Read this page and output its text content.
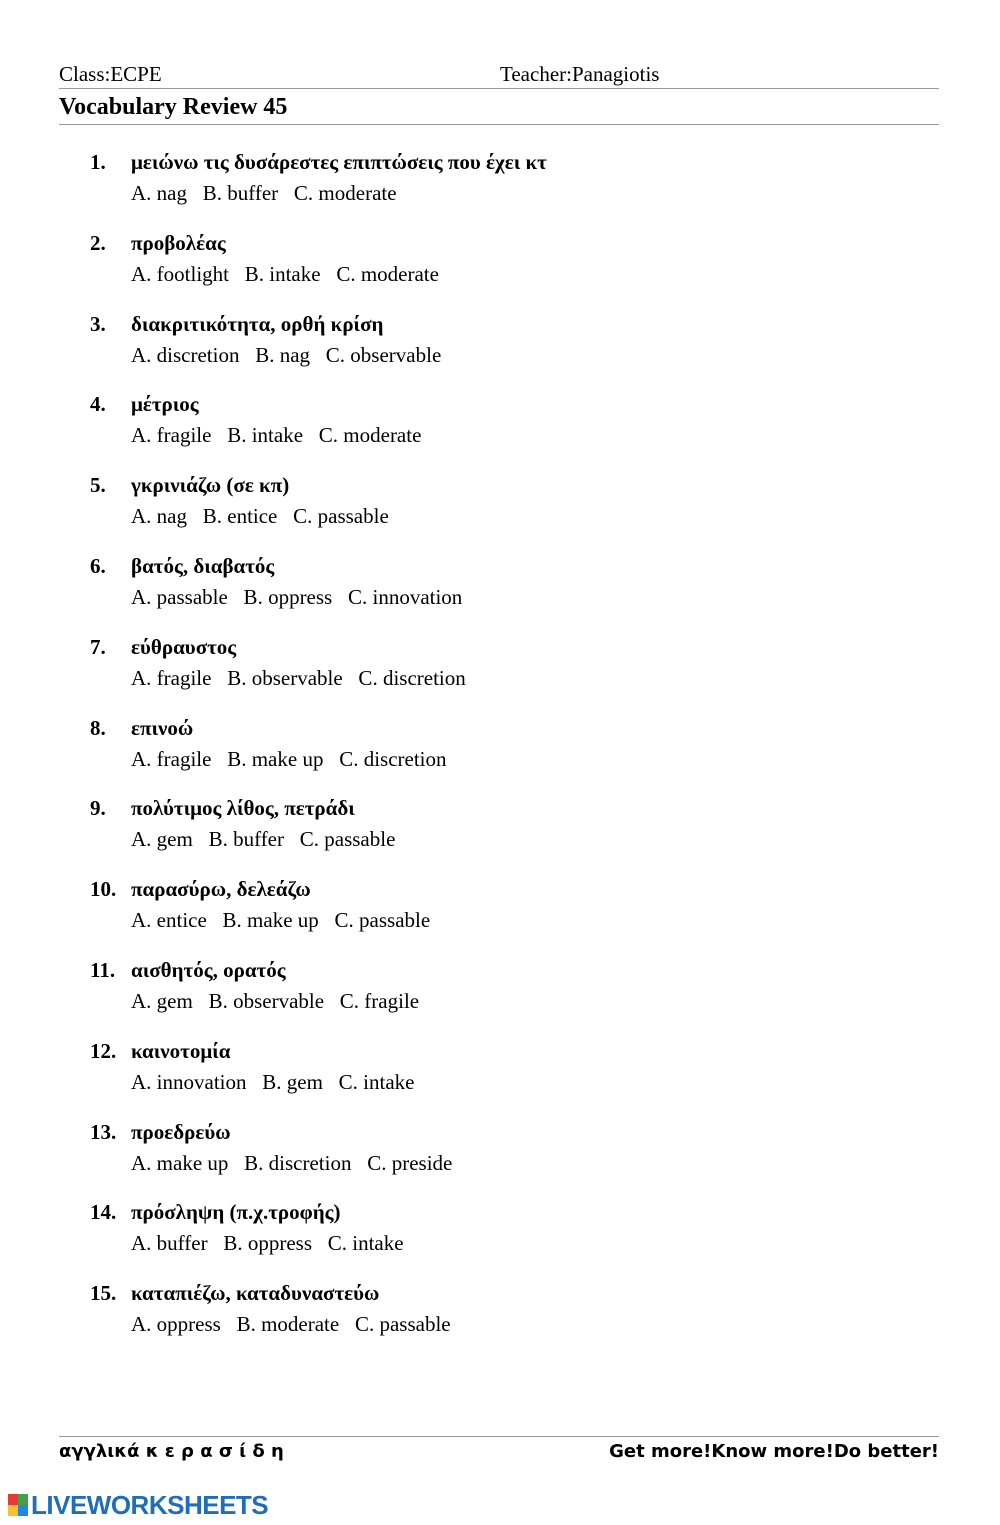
Class:ECPE	Teacher:Panagiotis
Vocabulary Review 45
1.	μειώνω τις δυσάρεστες επιπτώσεις που έχει κτ
A. nag   B. buffer   C. moderate
2.	προβολέας
A. footlight   B. intake   C. moderate
3.	διακριτικότητα, ορθή κρίση
A. discretion   B. nag   C. observable
4.	μέτριος
A. fragile   B. intake   C. moderate
5.	γκρινιάζω (σε κπ)
A. nag   B. entice   C. passable
6.	βατός, διαβατός
A. passable   B. oppress   C. innovation
7.	εύθραυστος
A. fragile   B. observable   C. discretion
8.	επινοώ
A. fragile   B. make up   C. discretion
9.	πολύτιμος λίθος, πετράδι
A. gem   B. buffer   C. passable
10. παρασύρω, δελεάζω
A. entice   B. make up   C. passable
11. αισθητός, ορατός
A. gem   B. observable   C. fragile
12. καινοτομία
A. innovation   B. gem   C. intake
13. προεδρεύω
A. make up   B. discretion   C. preside
14. πρόσληψη (π.χ.τροφής)
A. buffer   B. oppress   C. intake
15. καταπιέζω, καταδυναστεύω
A. oppress   B. moderate   C. passable
αγγλικά κ ε ρ α σ ί δ η	Get more!Know more!Do better!
LIVEWORKSHEETS
